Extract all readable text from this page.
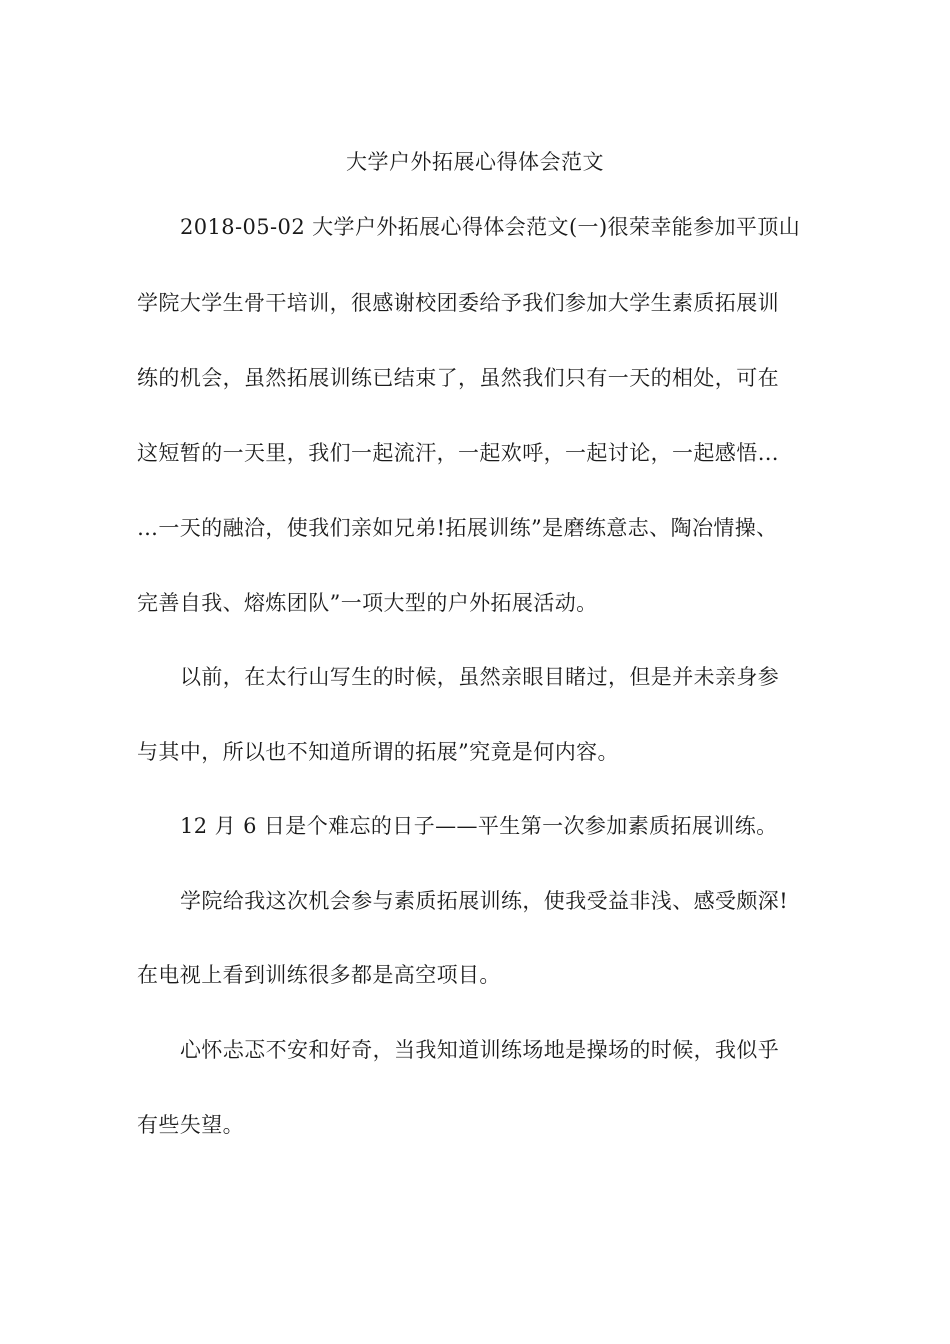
大学户外拓展心得体会范文
2018-05-02 大学户外拓展心得体会范文(一)很荣幸能参加平顶山
学院大学生骨干培训，很感谢校团委给予我们参加大学生素质拓展训
练的机会，虽然拓展训练已结束了，虽然我们只有一天的相处，可在
这短暂的一天里，我们一起流汗，一起欢呼，一起讨论，一起感悟…
…一天的融洽，使我们亲如兄弟!拓展训练”是磨练意志、陶冶情操、
完善自我、熔炼团队”一项大型的户外拓展活动。
以前，在太行山写生的时候，虽然亲眼目睹过，但是并未亲身参
与其中，所以也不知道所谓的拓展”究竟是何内容。
12 月 6 日是个难忘的日子——平生第一次参加素质拓展训练。
学院给我这次机会参与素质拓展训练，使我受益非浅、感受颇深!
在电视上看到训练很多都是高空项目。
心怀忐忑不安和好奇，当我知道训练场地是操场的时候，我似乎
有些失望。
